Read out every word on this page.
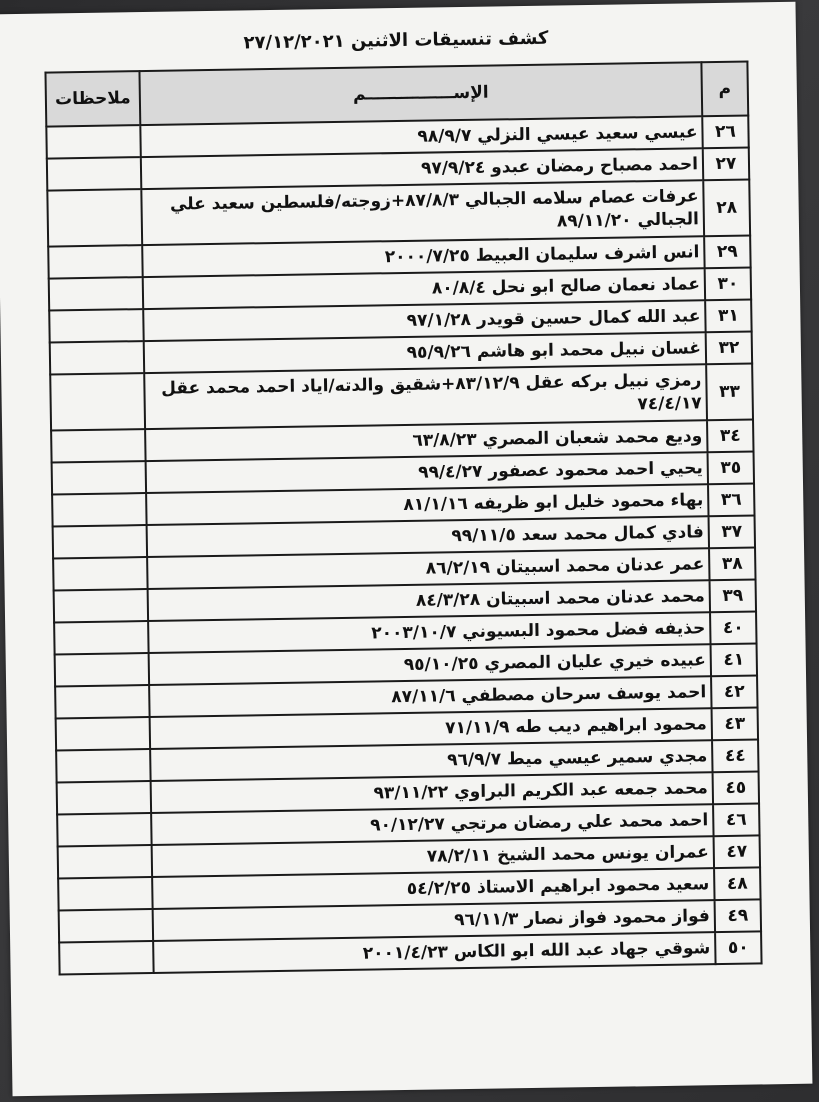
كشف تنسيقات الاثنين ٢٧/١٢/٢٠٢١
م	الإســـــــــــــــم	ملاحظات
٢٦	عيسي سعيد عيسي النزلي ٩٨/٩/٧	

٢٧	احمد مصباح رمضان عبدو ٩٧/٩/٢٤	

٢٨	عرفات عصام سلامه الجبالي ٨٧/٨/٣+زوجته/فلسطين سعيد علي الجبالي ٨٩/١١/٢٠	

٢٩	انس اشرف سليمان العبيط ٢٠٠٠/٧/٢٥	

٣٠	عماد نعمان صالح ابو نحل ٨٠/٨/٤	

٣١	عبد الله كمال حسين قويدر ٩٧/١/٢٨	

٣٢	غسان نبيل محمد ابو هاشم ٩٥/٩/٢٦	

٣٣	رمزي نبيل بركه عقل ٨٣/١٢/٩+شقيق والدته/اياد احمد محمد عقل ٧٤/٤/١٧	

٣٤	وديع محمد شعبان المصري ٦٣/٨/٢٣	

٣٥	يحيي احمد محمود عصفور ٩٩/٤/٢٧	

٣٦	بهاء محمود خليل ابو ظريفه ٨١/١/١٦	

٣٧	فادي كمال محمد سعد ٩٩/١١/٥	

٣٨	عمر عدنان محمد اسبيتان ٨٦/٢/١٩	

٣٩	محمد عدنان محمد اسبيتان ٨٤/٣/٢٨	

٤٠	حذيفه فضل محمود البسيوني ٢٠٠٣/١٠/٧	

٤١	عبيده خيري عليان المصري ٩٥/١٠/٢٥	

٤٢	احمد يوسف سرحان مصطفي ٨٧/١١/٦	

٤٣	محمود ابراهيم ديب طه ٧١/١١/٩	

٤٤	مجدي سمير عيسي ميط ٩٦/٩/٧	

٤٥	محمد جمعه عبد الكريم البراوي ٩٣/١١/٢٢	

٤٦	احمد محمد علي رمضان مرتجي ٩٠/١٢/٢٧	

٤٧	عمران يونس محمد الشيخ ٧٨/٢/١١	

٤٨	سعيد محمود ابراهيم الاستاذ ٥٤/٢/٢٥	

٤٩	فواز محمود فواز نصار ٩٦/١١/٣	

٥٠	شوقي جهاد عبد الله ابو الكاس ٢٠٠١/٤/٢٣	
